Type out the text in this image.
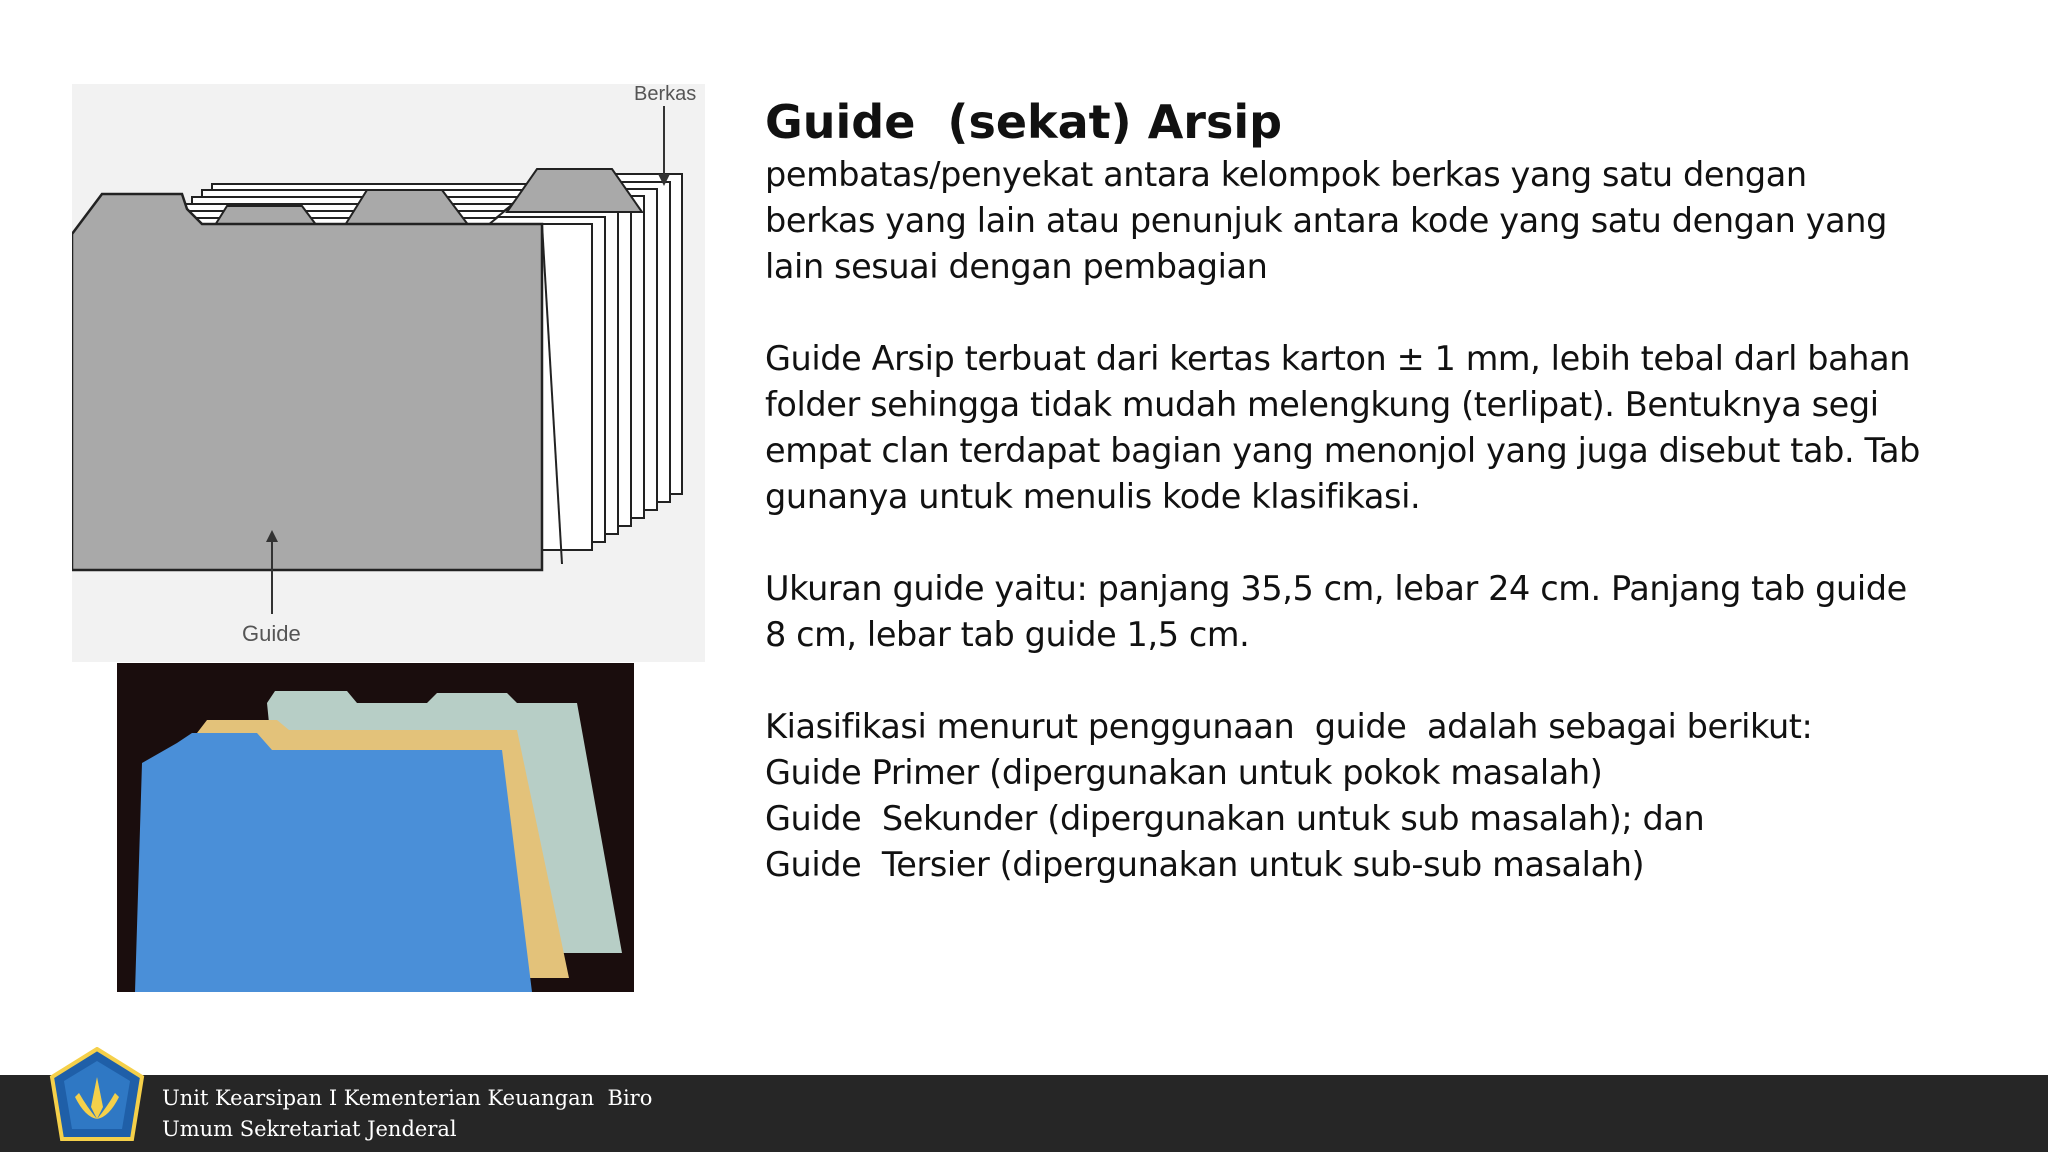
Berkas
Guide
Guide  (sekat) Arsip

pembatas/penyekat antara kelompok berkas yang satu dengan
berkas yang lain atau penunjuk antara kode yang satu dengan yang
lain sesuai dengan pembagian

Guide Arsip terbuat dari kertas karton ± 1 mm, lebih tebal darl bahan
folder sehingga tidak mudah melengkung (terlipat). Bentuknya segi
empat clan terdapat bagian yang menonjol yang juga disebut tab. Tab
gunanya untuk menulis kode klasifikasi.

Ukuran guide yaitu: panjang 35,5 cm, lebar 24 cm. Panjang tab guide
8 cm, lebar tab guide 1,5 cm.

Kiasifikasi menurut penggunaan  guide  adalah sebagai berikut:

Guide Primer (dipergunakan untuk pokok masalah)

Guide  Sekunder (dipergunakan untuk sub masalah); dan

Guide  Tersier (dipergunakan untuk sub-sub masalah)

Unit Kearsipan I Kementerian Keuangan  Biro
Umum Sekretariat Jenderal
